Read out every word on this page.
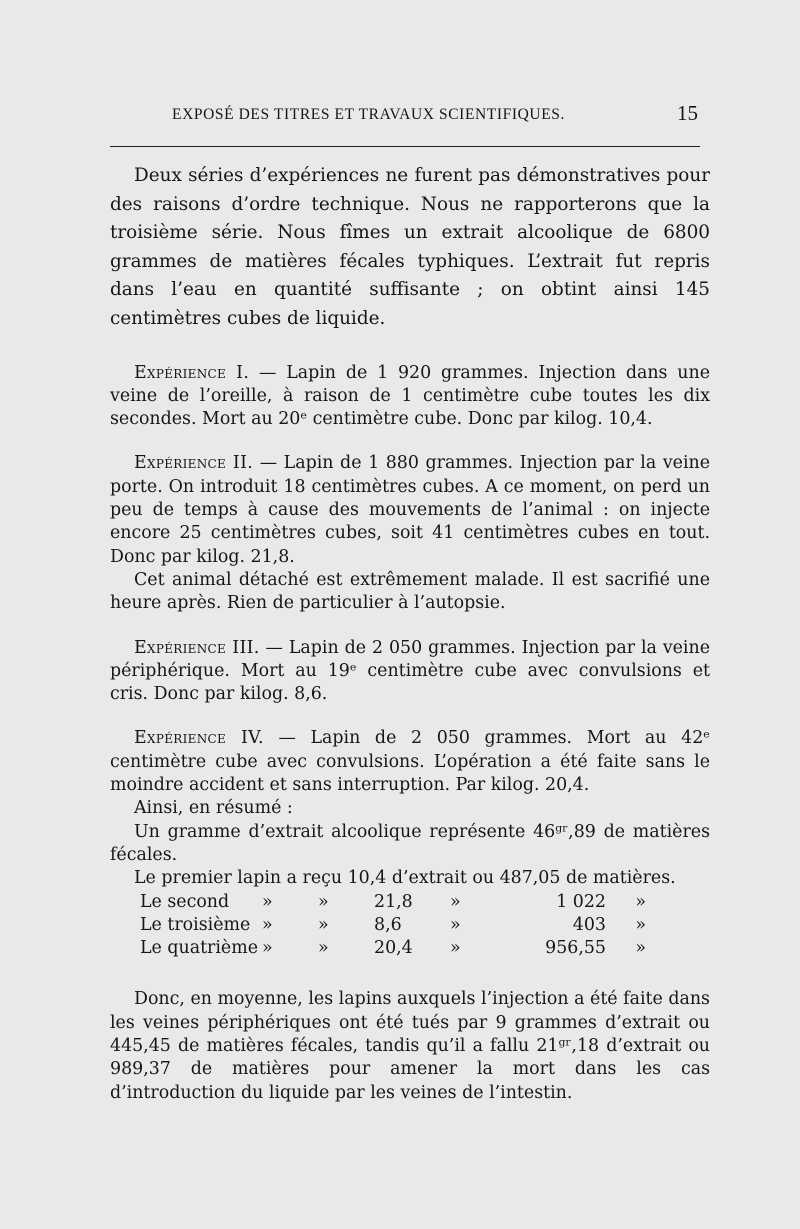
EXPOSÉ DES TITRES ET TRAVAUX SCIENTIFIQUES.	15

Deux séries d’expériences ne furent pas démonstratives pour des raisons d’ordre technique. Nous ne rapporterons que la troisième série. Nous fîmes un extrait alcoolique de 6800 grammes de matières fécales typhiques. L’extrait fut repris dans l’eau en quantité suffisante ; on obtint ainsi 145 centimètres cubes de liquide.

Expérience I. — Lapin de 1 920 grammes. Injection dans une veine de l’oreille, à raison de 1 centimètre cube toutes les dix secondes. Mort au 20ᵉ centimètre cube. Donc par kilog. 10,4.

Expérience II. — Lapin de 1 880 grammes. Injection par la veine porte. On introduit 18 centimètres cubes. A ce moment, on perd un peu de temps à cause des mouvements de l’animal : on injecte encore 25 centimètres cubes, soit 41 centimètres cubes en tout. Donc par kilog. 21,8.

Cet animal détaché est extrêmement malade. Il est sacrifié une heure après. Rien de particulier à l’autopsie.

Expérience III. — Lapin de 2 050 grammes. Injection par la veine périphérique. Mort au 19ᵉ centimètre cube avec convulsions et cris. Donc par kilog. 8,6.

Expérience IV. — Lapin de 2 050 grammes. Mort au 42ᵉ centimètre cube avec convulsions. L’opération a été faite sans le moindre accident et sans interruption. Par kilog. 20,4.

Ainsi, en résumé :

Un gramme d’extrait alcoolique représente 46ᵍʳ,89 de matières fécales.

Le premier lapin a reçu 10,4 d’extrait ou 487,05 de matières.

Le second	»	»	21,8	»	1 022	»
Le troisième	»	»	8,6	»	403	»
Le quatrième	»	»	20,4	»	956,55	»

Donc, en moyenne, les lapins auxquels l’injection a été faite dans les veines périphériques ont été tués par 9 grammes d’extrait ou 445,45 de matières fécales, tandis qu’il a fallu 21ᵍʳ,18 d’extrait ou 989,37 de matières pour amener la mort dans les cas d’introduction du liquide par les veines de l’intestin.
